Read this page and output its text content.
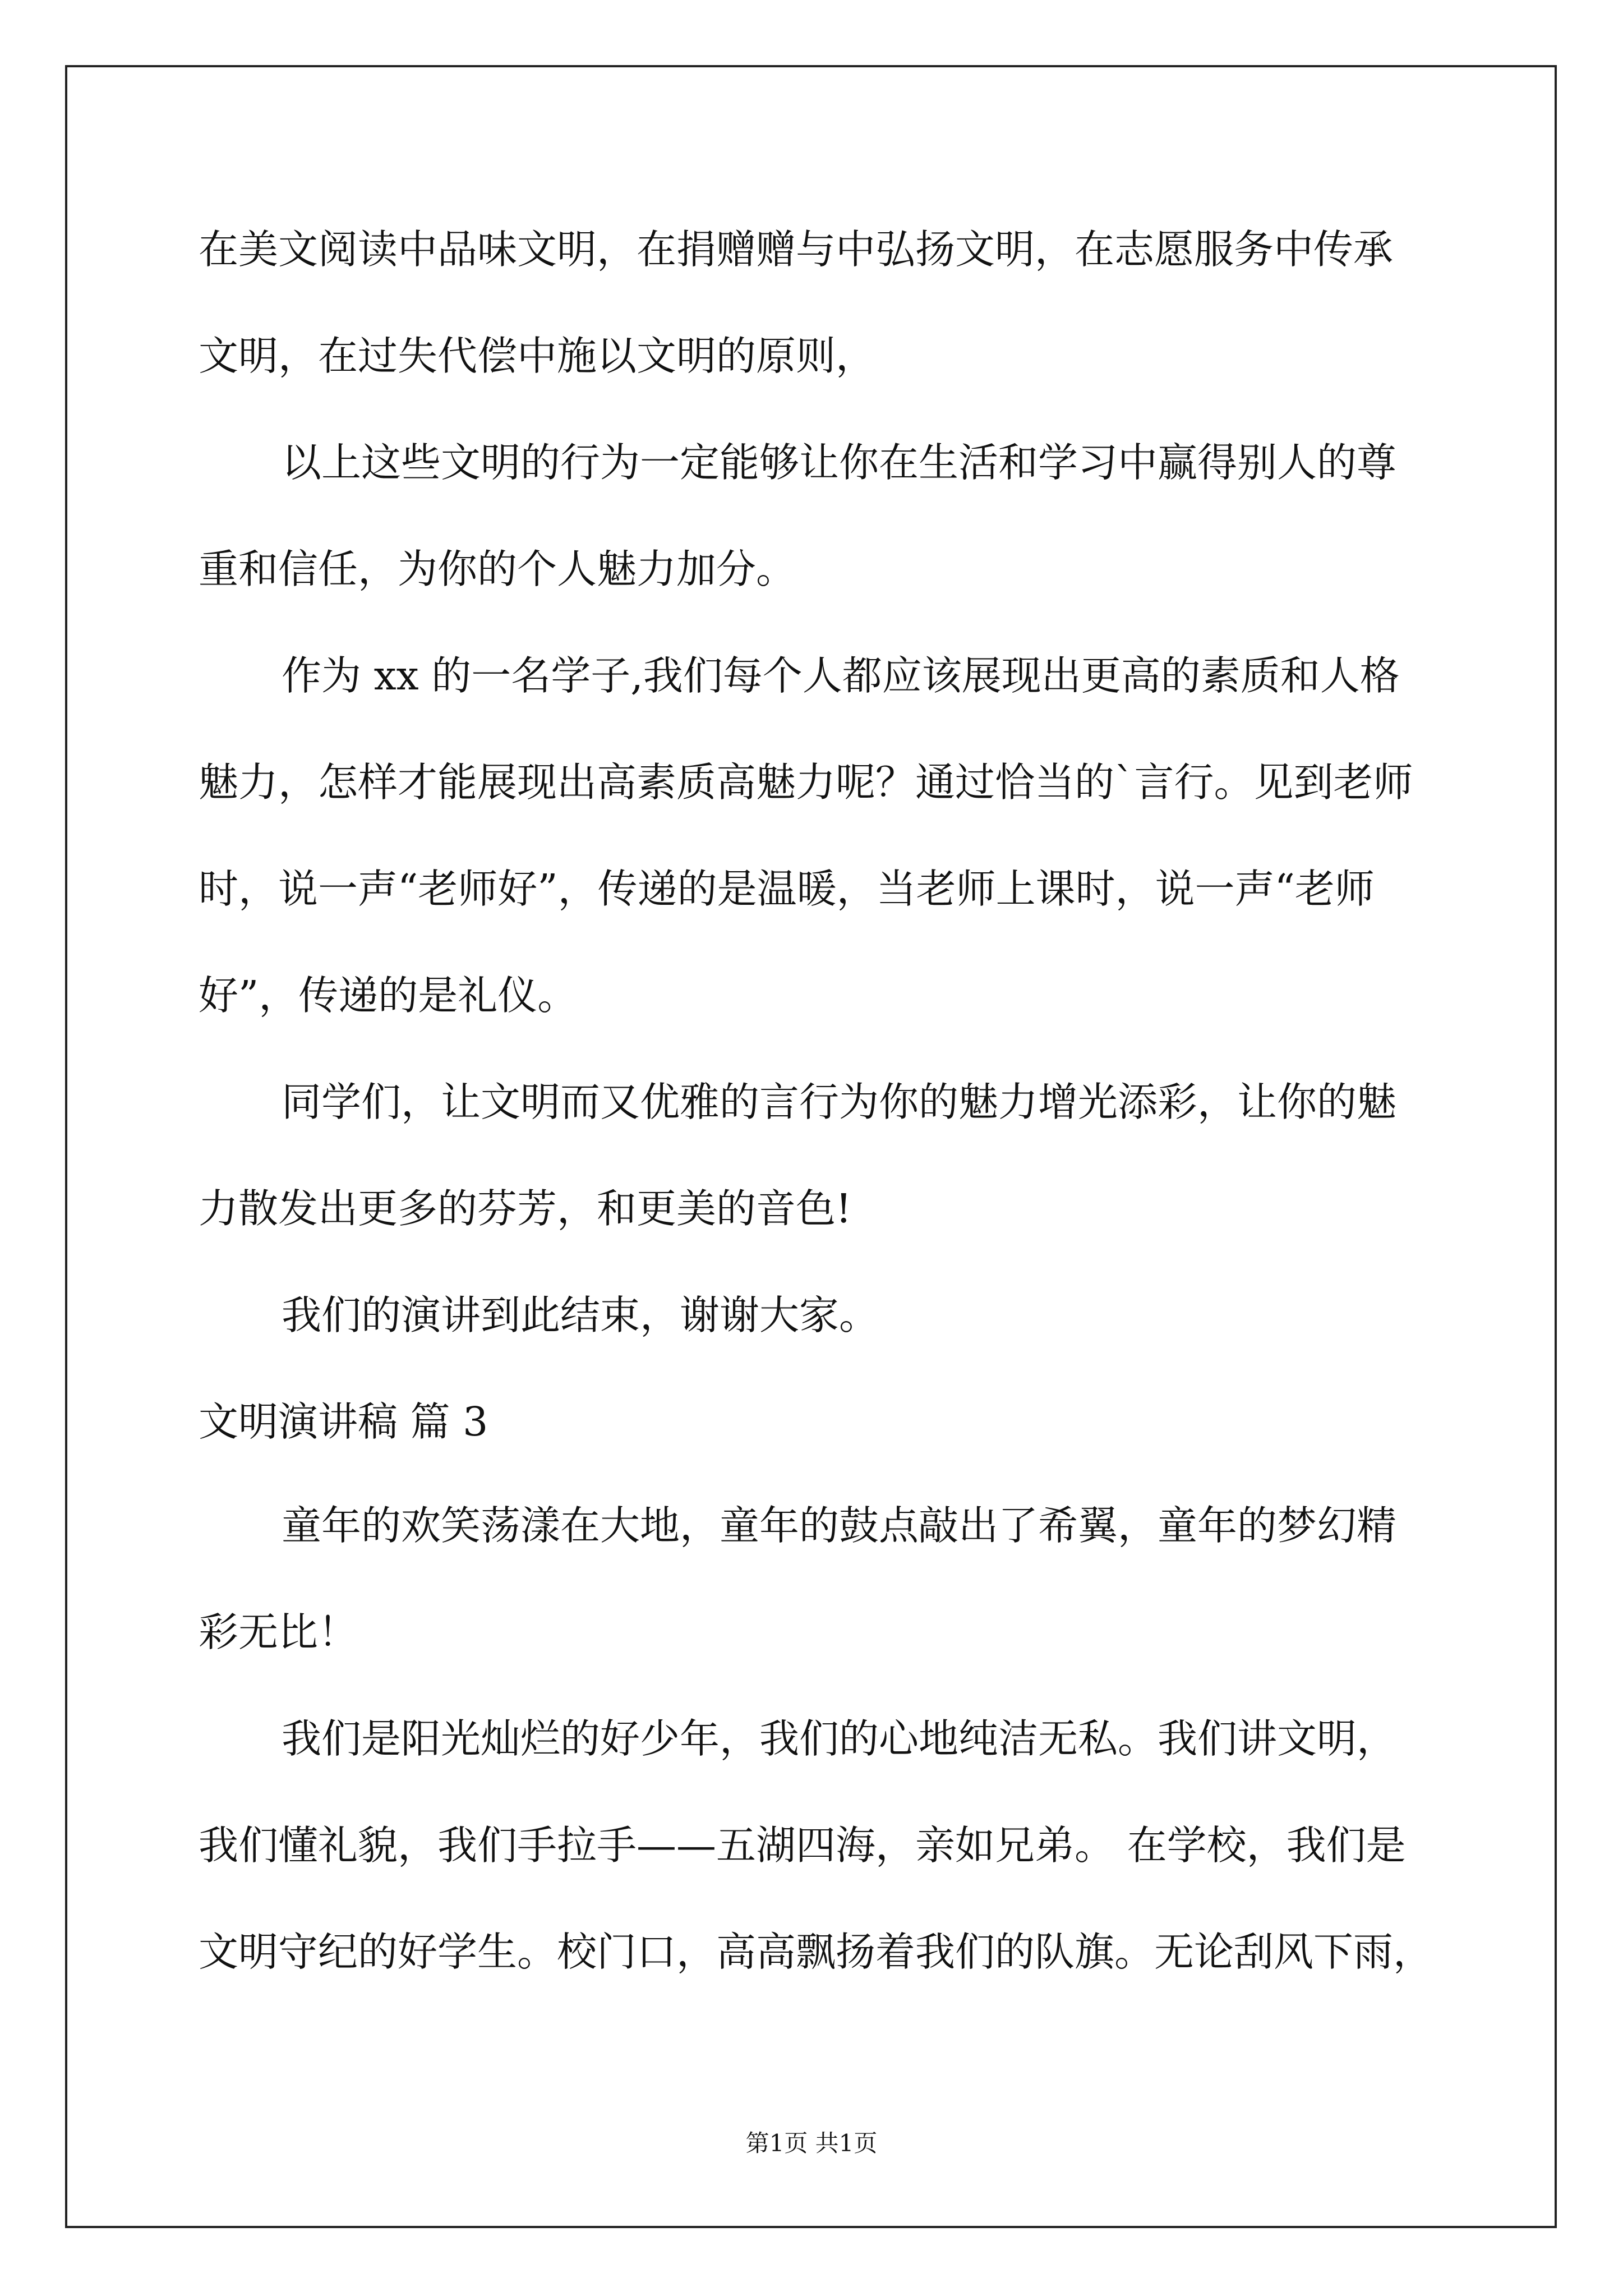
在美文阅读中品味文明，在捐赠赠与中弘扬文明，在志愿服务中传承
文明，在过失代偿中施以文明的原则，
以上这些文明的行为一定能够让你在生活和学习中赢得别人的尊
重和信任，为你的个人魅力加分。
作为 xx 的一名学子,我们每个人都应该展现出更高的素质和人格
魅力，怎样才能展现出高素质高魅力呢？通过恰当的`言行。见到老师
时，说一声“老师好”，传递的是温暖，当老师上课时，说一声“老师
好”，传递的是礼仪。
同学们，让文明而又优雅的言行为你的魅力增光添彩，让你的魅
力散发出更多的芬芳，和更美的音色!
我们的演讲到此结束，谢谢大家。
文明演讲稿 篇 3
童年的欢笑荡漾在大地，童年的鼓点敲出了希翼，童年的梦幻精
彩无比！
我们是阳光灿烂的好少年，我们的心地纯洁无私。我们讲文明，
我们懂礼貌，我们手拉手——五湖四海，亲如兄弟。 在学校，我们是
文明守纪的好学生。校门口，高高飘扬着我们的队旗。无论刮风下雨，
第1页 共1页
